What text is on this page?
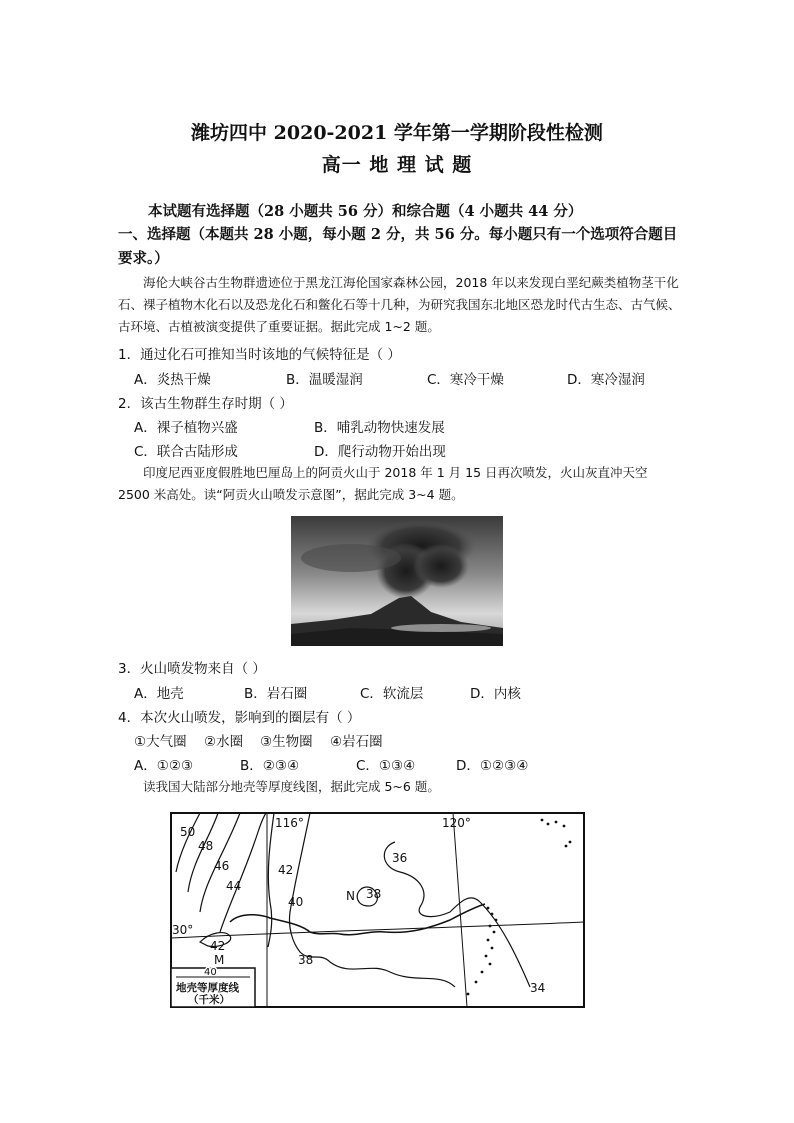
潍坊四中 2020-2021 学年第一学期阶段性检测
高一 地 理 试 题
本试题有选择题（28 小题共 56 分）和综合题（4 小题共 44 分）
一、选择题（本题共 28 小题，每小题 2 分，共 56 分。每小题只有一个选项符合题目要求。）
海伦大峡谷古生物群遗迹位于黑龙江海伦国家森林公园，2018 年以来发现白垩纪蕨类植物茎干化石、裸子植物木化石以及恐龙化石和鳖化石等十几种，为研究我国东北地区恐龙时代古生态、古气候、古环境、古植被演变提供了重要证据。据此完成 1~2 题。
1．通过化石可推知当时该地的气候特征是（ ）
A．炎热干燥	B．温暖湿润	C．寒冷干燥	D．寒冷湿润
2．该古生物群生存时期（ ）
A．裸子植物兴盛	B．哺乳动物快速发展
C．联合古陆形成	D．爬行动物开始出现
印度尼西亚度假胜地巴厘岛上的阿贡火山于 2018 年 1 月 15 日再次喷发，火山灰直冲天空 2500 米高处。读“阿贡火山喷发示意图”，据此完成 3~4 题。
3．火山喷发物来自（ ）
A．地壳	B．岩石圈	C．软流层	D．内核
4．本次火山喷发，影响到的圈层有（ ）
①大气圈 ②水圈 ③生物圈 ④岩石圈
A．①②③	B．②③④	C．①③④	D．①②③④
读我国大陆部分地壳等厚度线图，据此完成 5~6 题。
116°	120°
30°
50
48
46
44
42
40
38
36
34
42
38
N
M
40
地壳等厚度线
（千米）
